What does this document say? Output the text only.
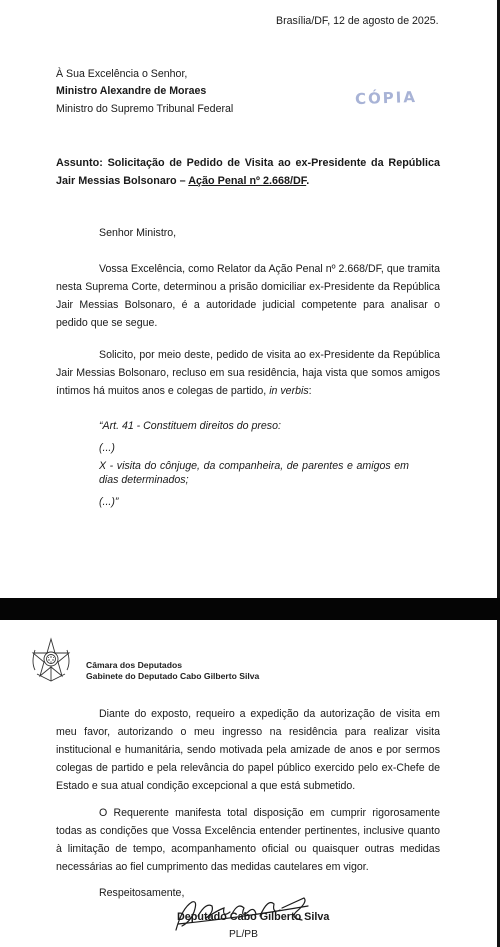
Brasília/DF, 12 de agosto de 2025.
À Sua Excelência o Senhor,
Ministro Alexandre de Moraes
Ministro do Supremo Tribunal Federal
CÓPIA
Assunto: Solicitação de Pedido de Visita ao ex-Presidente da República Jair Messias Bolsonaro – Ação Penal nº 2.668/DF.
Senhor Ministro,
Vossa Excelência, como Relator da Ação Penal nº 2.668/DF, que tramita nesta Suprema Corte, determinou a prisão domiciliar ex-Presidente da República Jair Messias Bolsonaro, é a autoridade judicial competente para analisar o pedido que se segue.
Solicito, por meio deste, pedido de visita ao ex-Presidente da República Jair Messias Bolsonaro, recluso em sua residência, haja vista que somos amigos íntimos há muitos anos e colegas de partido, in verbis:
“Art. 41 - Constituem direitos do preso:
(...)
X - visita do cônjuge, da companheira, de parentes e amigos em dias determinados;
(...)”
Câmara dos Deputados
Gabinete do Deputado Cabo Gilberto Silva
Diante do exposto, requeiro a expedição da autorização de visita em meu favor, autorizando o meu ingresso na residência para realizar visita institucional e humanitária, sendo motivada pela amizade de anos e por sermos colegas de partido e pela relevância do papel público exercido pelo ex-Chefe de Estado e sua atual condição excepcional a que está submetido.
O Requerente manifesta total disposição em cumprir rigorosamente todas as condições que Vossa Excelência entender pertinentes, inclusive quanto à limitação de tempo, acompanhamento oficial ou quaisquer outras medidas necessárias ao fiel cumprimento das medidas cautelares em vigor.
Respeitosamente,
Deputado Cabo Gilberto Silva
PL/PB
